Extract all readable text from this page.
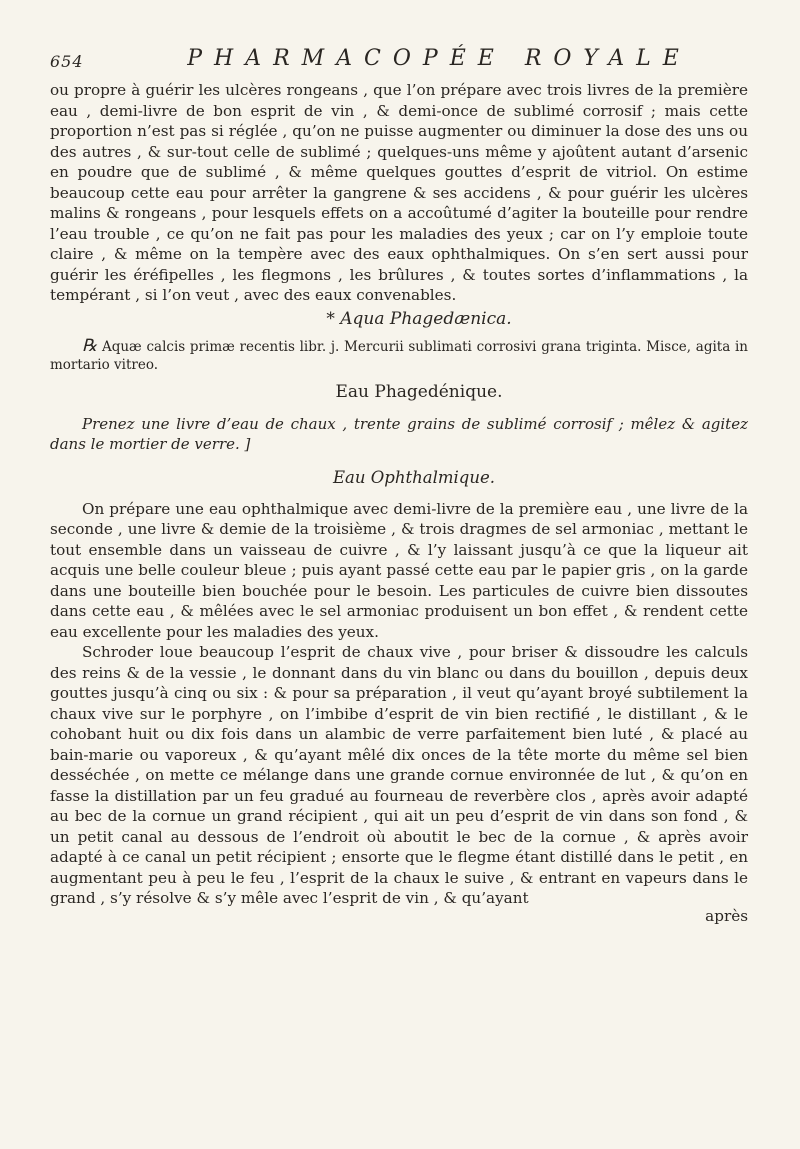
654	PHARMACOPÉE ROYALE

ou propre à guérir les ulcères rongeans , que l’on prépare avec trois livres de la première eau , demi-livre de bon esprit de vin , & demi-once de sublimé corrosif ; mais cette proportion n’est pas si réglée , qu’on ne puisse augmenter ou diminuer la dose des uns ou des autres , & sur-tout celle de sublimé ; quelques-uns même y ajoûtent autant d’arsenic en poudre que de sublimé , & même quelques gouttes d’esprit de vitriol. On estime beaucoup cette eau pour arrêter la gangrene & ses accidens , & pour guérir les ulcères malins & rongeans , pour lesquels effets on a accoûtumé d’agiter la bouteille pour rendre l’eau trouble , ce qu’on ne fait pas pour les maladies des yeux ; car on l’y emploie toute claire , & même on la tempère avec des eaux ophthalmiques. On s’en sert aussi pour guérir les éréfipelles , les flegmons , les brûlures , & toutes sortes d’inflammations , la tempérant , si l’on veut , avec des eaux convenables.

* Aqua Phagedænica.

℞ Aquæ calcis primæ recentis libr. j. Mercurii sublimati corrosivi grana triginta. Misce, agita in mortario vitreo.

Eau Phagedénique.

Prenez une livre d’eau de chaux , trente grains de sublimé corrosif ; mêlez & agitez dans le mortier de verre. ]

Eau Ophthalmique.

On prépare une eau ophthalmique avec demi-livre de la première eau , une livre de la seconde , une livre & demie de la troisième , & trois dragmes de sel armoniac , mettant le tout ensemble dans un vaisseau de cuivre , & l’y laissant jusqu’à ce que la liqueur ait acquis une belle couleur bleue ; puis ayant passé cette eau par le papier gris , on la garde dans une bouteille bien bouchée pour le besoin. Les particules de cuivre bien dissoutes dans cette eau , & mêlées avec le sel armoniac produisent un bon effet , & rendent cette eau excellente pour les maladies des yeux.

Schroder loue beaucoup l’esprit de chaux vive , pour briser & dissoudre les calculs des reins & de la vessie , le donnant dans du vin blanc ou dans du bouillon , depuis deux gouttes jusqu’à cinq ou six : & pour sa préparation , il veut qu’ayant broyé subtilement la chaux vive sur le porphyre , on l’imbibe d’esprit de vin bien rectifié , le distillant , & le cohobant huit ou dix fois dans un alambic de verre parfaitement bien luté , & placé au bain-marie ou vaporeux , & qu’ayant mêlé dix onces de la tête morte du même sel bien desséchée , on mette ce mélange dans une grande cornue environnée de lut , & qu’on en fasse la distillation par un feu gradué au fourneau de reverbère clos , après avoir adapté au bec de la cornue un grand récipient , qui ait un peu d’esprit de vin dans son fond , & un petit canal au dessous de l’endroit où aboutit le bec de la cornue , & après avoir adapté à ce canal un petit récipient ; ensorte que le flegme étant distillé dans le petit , en augmentant peu à peu le feu , l’esprit de la chaux le suive , & entrant en vapeurs dans le grand , s’y résolve & s’y mêle avec l’esprit de vin , & qu’ayant

après
